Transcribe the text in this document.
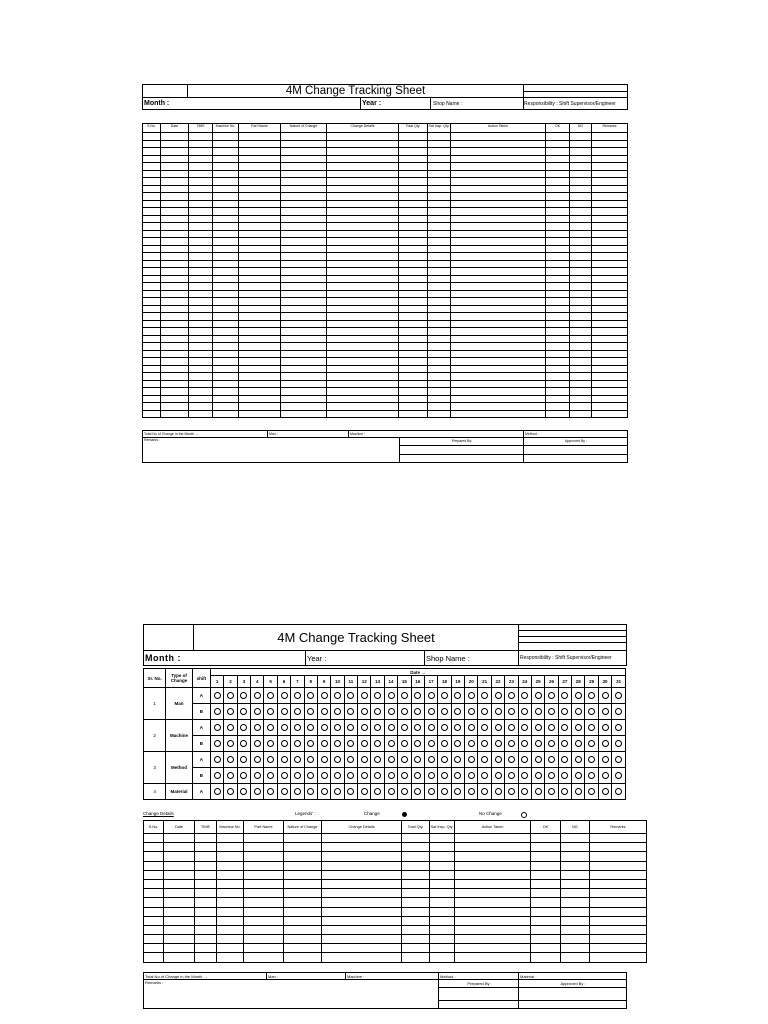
	4M Change Tracking Sheet			

Month :		Year :	Shop Name :	Responsibility : Shift Supervisor/Engineer
S.No.	Date	TIME	Machine No.	Part Name	Nature of Change	Change Details	Total Qty.	Sat Insp. Qty.	Action Taken	OK	NG	Remarks

Total No of Change in the Month →	Man :	Machine :		Method :
Remarks :			Prepared By:	Approved By :

	4M Change Tracking Sheet			

Month :		Year :	Shop Name :	Responsibility : Shift Supervisor/Engineer
Sr. No.	Type of Change	shift	Date →																														
			1	2	3	4	5	6	7	8	9	10	11	12	13	14	15	16	17	18	19	20	21	22	23	24	25	26	27	28	29	30	31
1	Man	A																															
		B																															
2	Machine	A																															
		B																															
3	Method	A																															
		B																															
4	Material	A																															
Change Details	Legends' :	Change	No Change
S.No.	Date	TIME	Machine No.	Part Name	Nature of Change	Change Details	Total Qty.	Sat Insp. Qty.	Action Taken	OK	NG	Remarks

Total No of Change in the Month →	Man :	Machine :	Method :	Material :
Remarks :			Prepared By:	Approved By :
